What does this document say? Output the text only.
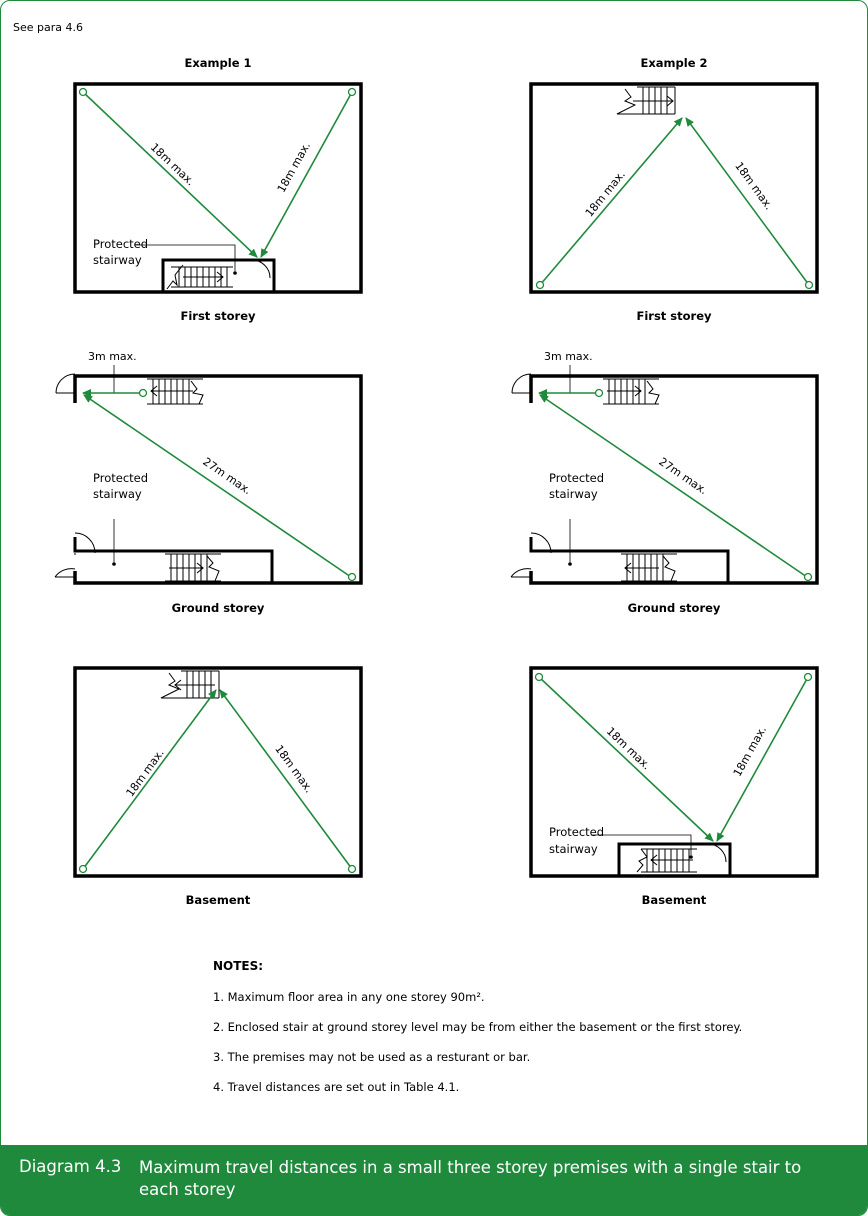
See para 4.6
Example 1
18m max.	18m max.
Protected stairway
First storey
3m max.
27m max.
Protected stairway
Ground storey
18m max.	18m max.
Basement
Example 2
18m max.	18m max.
First storey
3m max.
27m max.
Protected stairway
Ground storey
18m max.	18m max.
Protected stairway
Basement
NOTES:
1. Maximum floor area in any one storey 90m².
2. Enclosed stair at ground storey level may be from either the basement or the first storey.
3. The premises may not be used as a resturant or bar.
4. Travel distances are set out in Table 4.1.
Diagram 4.3 Maximum travel distances in a small three storey premises with a single stair to each storey
